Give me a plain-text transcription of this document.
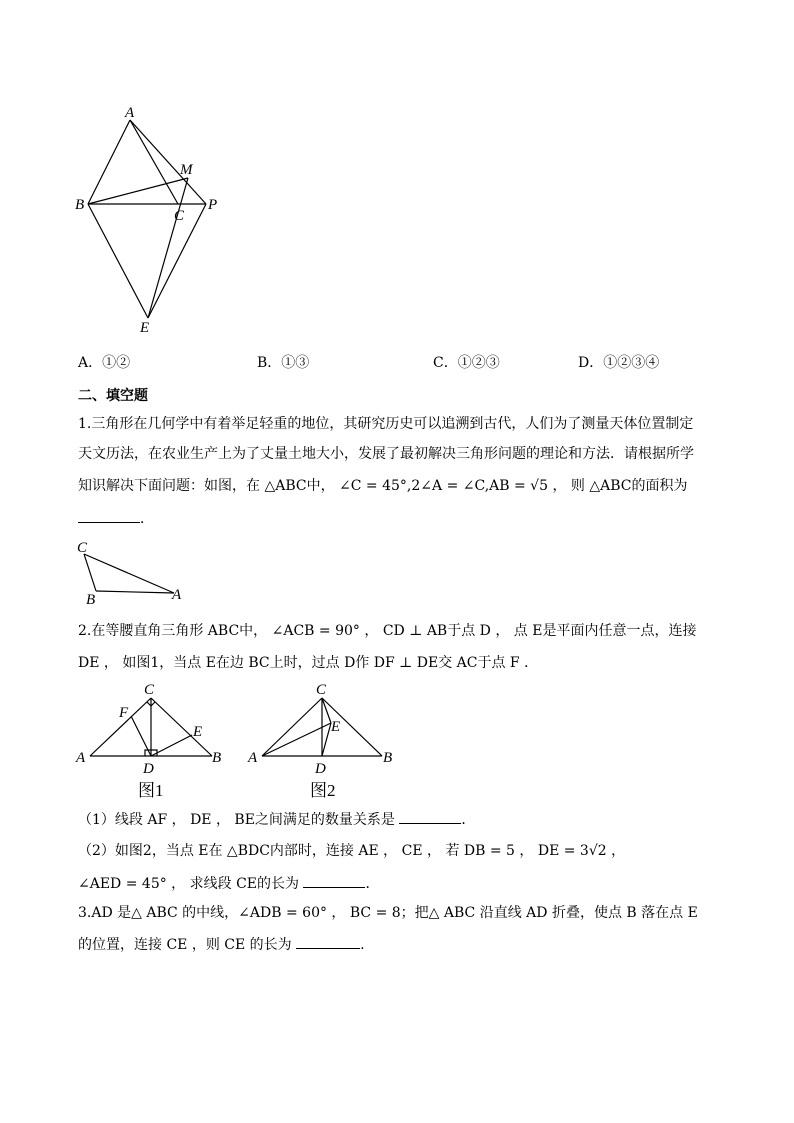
A
M
B
C
P
E
A．①②	B．①③	C．①②③	D．①②③④
二、填空题
1.三角形在几何学中有着举足轻重的地位，其研究历史可以追溯到古代，人们为了测量天体位置制定
天文历法，在农业生产上为了丈量土地大小，发展了最初解决三角形问题的理论和方法．请根据所学
知识解决下面问题：如图，在 △ABC中， ∠C = 45°,2∠A = ∠C,AB = √5 ， 则 △ABC的面积为
．
C
B	A
2.在等腰直角三角形 ABC中， ∠ACB = 90° ， CD ⊥ AB于点 D ， 点 E是平面内任意一点，连接
DE ， 如图1，当点 E在边 BC上时，过点 D作 DF ⊥ DE交 AC于点 F ．
C
F
E
A
D
B
图1
C
E
A
D
B
图2
（1）线段 AF ， DE ， BE之间满足的数量关系是	．
（2）如图2，当点 E在 △BDC内部时，连接 AE ， CE ， 若 DB = 5 ， DE = 3√2 ，
∠AED = 45° ， 求线段 CE的长为	．
3.AD 是△ ABC 的中线，∠ADB = 60° ， BC = 8；把△ ABC 沿直线 AD 折叠，使点 B 落在点 E
的位置，连接 CE ，则 CE 的长为	.
